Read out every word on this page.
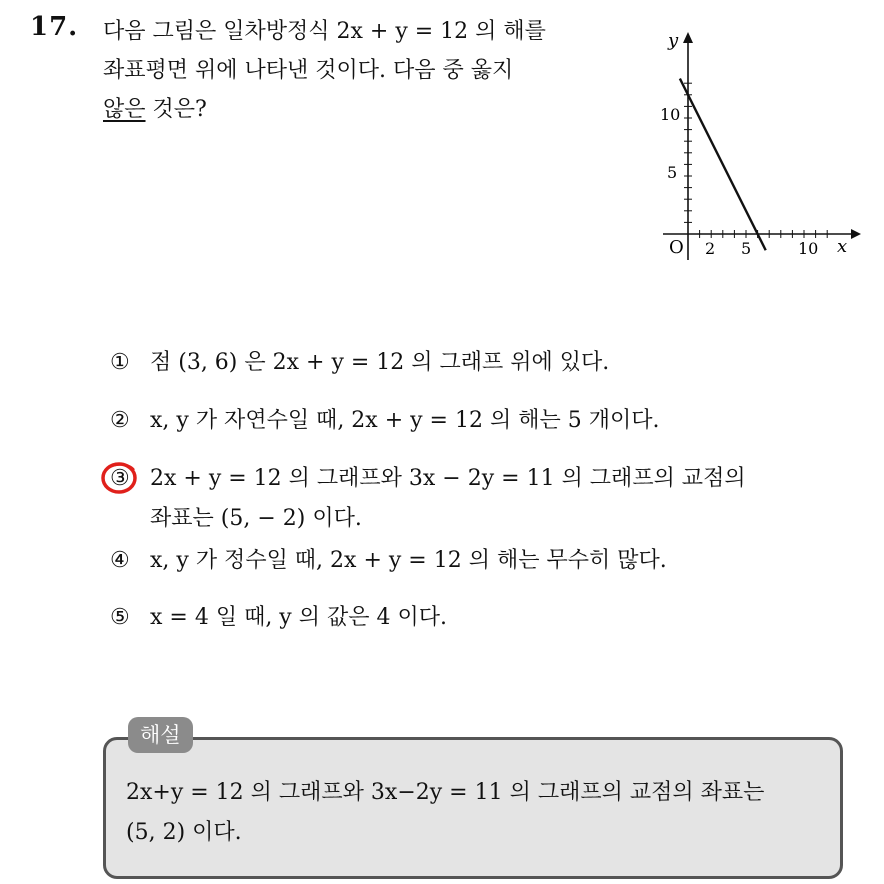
17. 다음 그림은 일차방정식 2x + y = 12 의 해를
좌표평면 위에 나타낸 것이다. 다음 중 옳지
않은 것은?
y
x
O 2 5	10
5
10
① 점 (3, 6) 은 2x + y = 12 의 그래프 위에 있다.
② x, y 가 자연수일 때, 2x + y = 12 의 해는 5 개이다.
③ 2x + y = 12 의 그래프와 3x − 2y = 11 의 그래프의 교점의
좌표는 (5, − 2) 이다.
④ x, y 가 정수일 때, 2x + y = 12 의 해는 무수히 많다.
⑤ x = 4 일 때, y 의 값은 4 이다.
해설
2x+y = 12 의 그래프와 3x−2y = 11 의 그래프의 교점의 좌표는
(5, 2) 이다.
